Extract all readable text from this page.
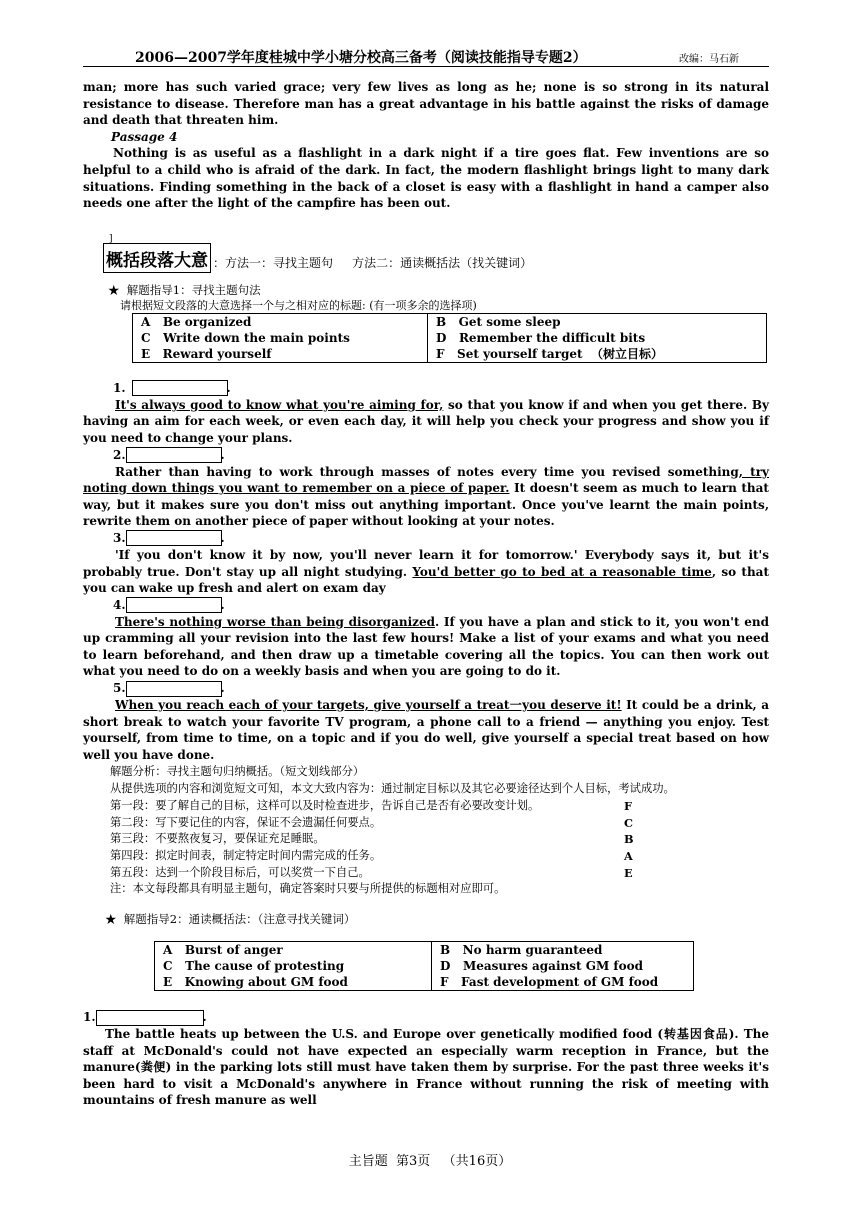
2006—2007学年度桂城中学小塘分校高三备考（阅读技能指导专题2）	改编：马石新

man; more has such varied grace; very few lives as long as he; none is so strong in its natural resistance to disease. Therefore man has a great advantage in his battle against the risks of damage and death that threaten him.

Passage 4

Nothing is as useful as a flashlight in a dark night if a tire goes flat. Few inventions are so helpful to a child who is afraid of the dark. In fact, the modern flashlight brings light to many dark situations. Finding something in the back of a closet is easy with a flashlight in hand a camper also needs one after the light of the campfire has been out.

]
概括段落大意 ：方法一：寻找主题句     方法二：通读概括法（找关键词）
★  解题指导1：寻找主题句法
请根据短文段落的大意选择一个与之相对应的标题: (有一项多余的选择项)
A   Be organized	B   Get some sleep
C   Write down the main points	D   Remember the difficult bits
E   Reward yourself	F   Set yourself target  （树立目标）
1.	.

It's always good to know what you're aiming for, so that you know if and when you get there. By having an aim for each week, or even each day, it will help you check your progress and show you if you need to change your plans.

2.	.

Rather than having to work through masses of notes every time you revised something, try noting down things you want to remember on a piece of paper. It doesn't seem as much to learn that way, but it makes sure you don't miss out anything important. Once you've learnt the main points, rewrite them on another piece of paper without looking at your notes.

3.	.

'If you don't know it by now, you'll never learn it for tomorrow.' Everybody says it, but it's probably true. Don't stay up all night studying. You'd better go to bed at a reasonable time, so that you can wake up fresh and alert on exam day

4.	.

There's nothing worse than being disorganized. If you have a plan and stick to it, you won't end up cramming all your revision into the last few hours! Make a list of your exams and what you need to learn beforehand, and then draw up a timetable covering all the topics. You can then work out what you need to do on a weekly basis and when you are going to do it.

5.	.

When you reach each of your targets, give yourself a treat一you deserve it! It could be a drink, a short break to watch your favorite TV program, a phone call to a friend — anything you enjoy. Test yourself, from time to time, on a topic and if you do well, give yourself a special treat based on how well you have done.

解题分析：寻找主题句归纳概括。（短文划线部分）
从提供选项的内容和浏览短文可知，本文大致内容为：通过制定目标以及其它必要途径达到个人目标，考试成功。
第一段：要了解自己的目标，这样可以及时检查进步，告诉自己是否有必要改变计划。	F
第二段：写下要记住的内容，保证不会遗漏任何要点。	C
第三段：不要熬夜复习，要保证充足睡眠。	B
第四段：拟定时间表，制定特定时间内需完成的任务。	A
第五段：达到一个阶段目标后，可以奖赏一下自己。	E
注：本文每段都具有明显主题句，确定答案时只要与所提供的标题相对应即可。
★  解题指导2：通读概括法：（注意寻找关键词）
A   Burst of anger	B   No harm guaranteed
C   The cause of protesting	D   Measures against GM food
E   Knowing about GM food	F   Fast development of GM food
1.	.

The battle heats up between the U.S. and Europe over genetically modified food (转基因食品). The staff at McDonald's could not have expected an especially warm reception in France, but the manure(粪便) in the parking lots still must have taken them by surprise. For the past three weeks it's been hard to visit a McDonald's anywhere in France without running the risk of meeting with mountains of fresh manure as well

主旨题  第3页   （共16页）
